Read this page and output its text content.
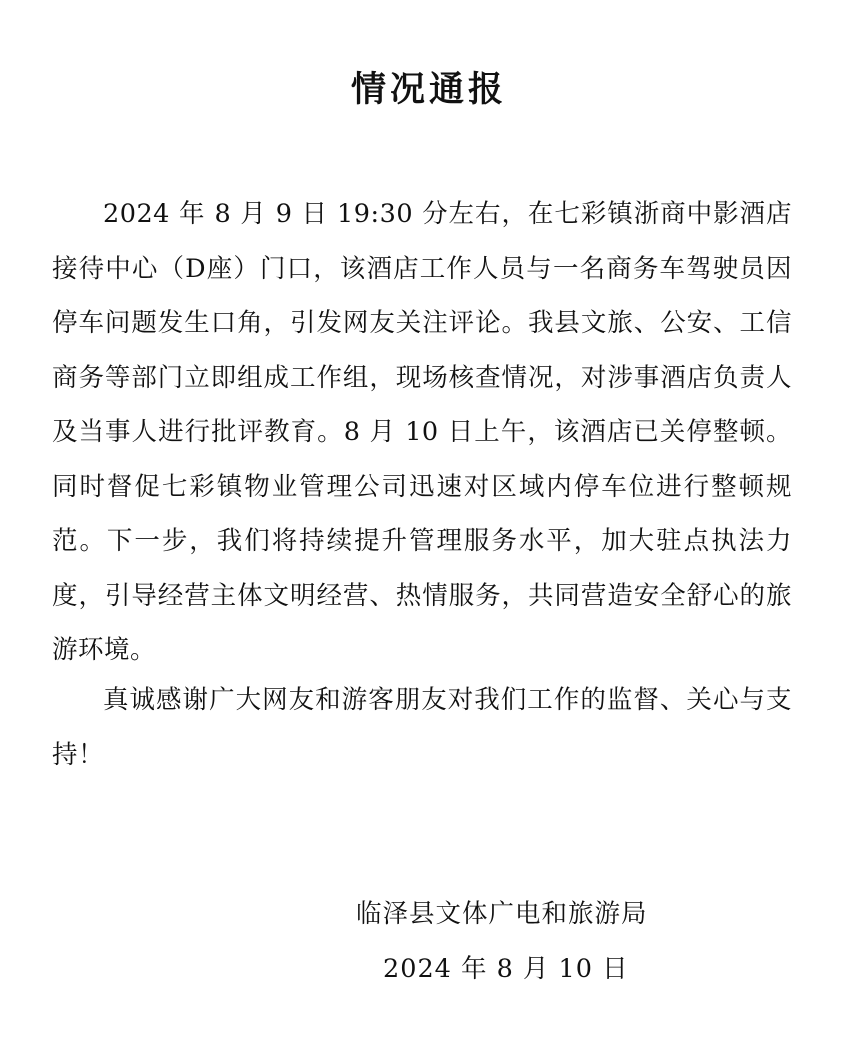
情况通报

2024 年 8 月 9 日 19:30 分左右，在七彩镇浙商中影酒店接待中心（D座）门口，该酒店工作人员与一名商务车驾驶员因停车问题发生口角，引发网友关注评论。我县文旅、公安、工信商务等部门立即组成工作组，现场核查情况，对涉事酒店负责人及当事人进行批评教育。8 月 10 日上午，该酒店已关停整顿。同时督促七彩镇物业管理公司迅速对区域内停车位进行整顿规范。下一步，我们将持续提升管理服务水平，加大驻点执法力度，引导经营主体文明经营、热情服务，共同营造安全舒心的旅游环境。

真诚感谢广大网友和游客朋友对我们工作的监督、关心与支持！

临泽县文体广电和旅游局
2024 年 8 月 10 日
